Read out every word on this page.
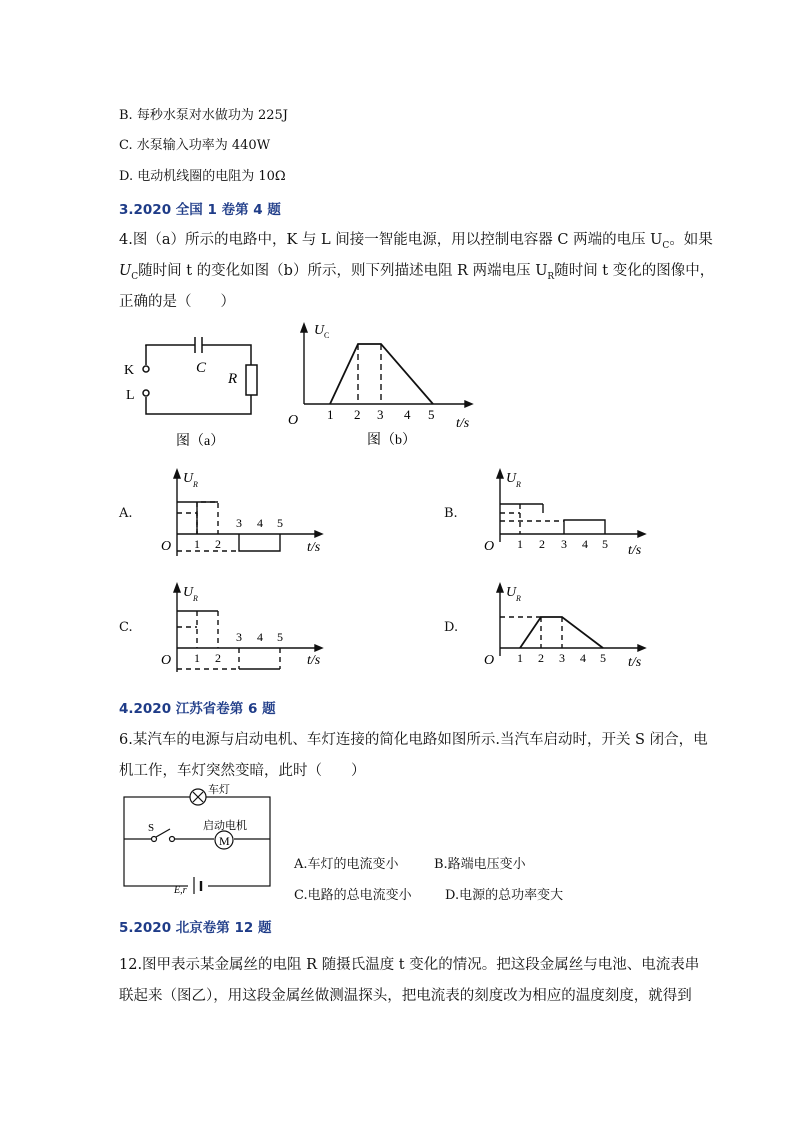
B. 每秒水泵对水做功为 225J
C. 水泵输入功率为 440W
D. 电动机线圈的电阻为 10Ω
3.2020 全国 1 卷第 4 题
4.图（a）所示的电路中，K 与 L 间接一智能电源，用以控制电容器 C 两端的电压 $U_C$。如果
$U_C$随时间 t 的变化如图（b）所示，则下列描述电阻 R 两端电压 $U_R$随时间 t 变化的图像中，
正确的是（　　）
K
L
C
R
图（a）
U C
O 1 2 3 4 5
t/s
图（b）
A.
U R
O 1 2
3 4 5
t/s
B.
U R
O 1 2 3 4 5 t/s
C.
U R
O 1 2
3 4 5
t/s
D.
U R
O 1 2 3 4 5 t/s
4.2020 江苏省卷第 6 题
6.某汽车的电源与启动电机、车灯连接的简化电路如图所示.当汽车启动时，开关 S 闭合，电
机工作，车灯突然变暗，此时（　　）
M
车灯
S	启动电机
E,r
A.车灯的电流变小	B.路端电压变小
C.电路的总电流变小	D.电源的总功率变大
5.2020 北京卷第 12 题
12.图甲表示某金属丝的电阻 R 随摄氏温度 t 变化的情况。把这段金属丝与电池、电流表串
联起来（图乙），用这段金属丝做测温探头，把电流表的刻度改为相应的温度刻度，就得到
